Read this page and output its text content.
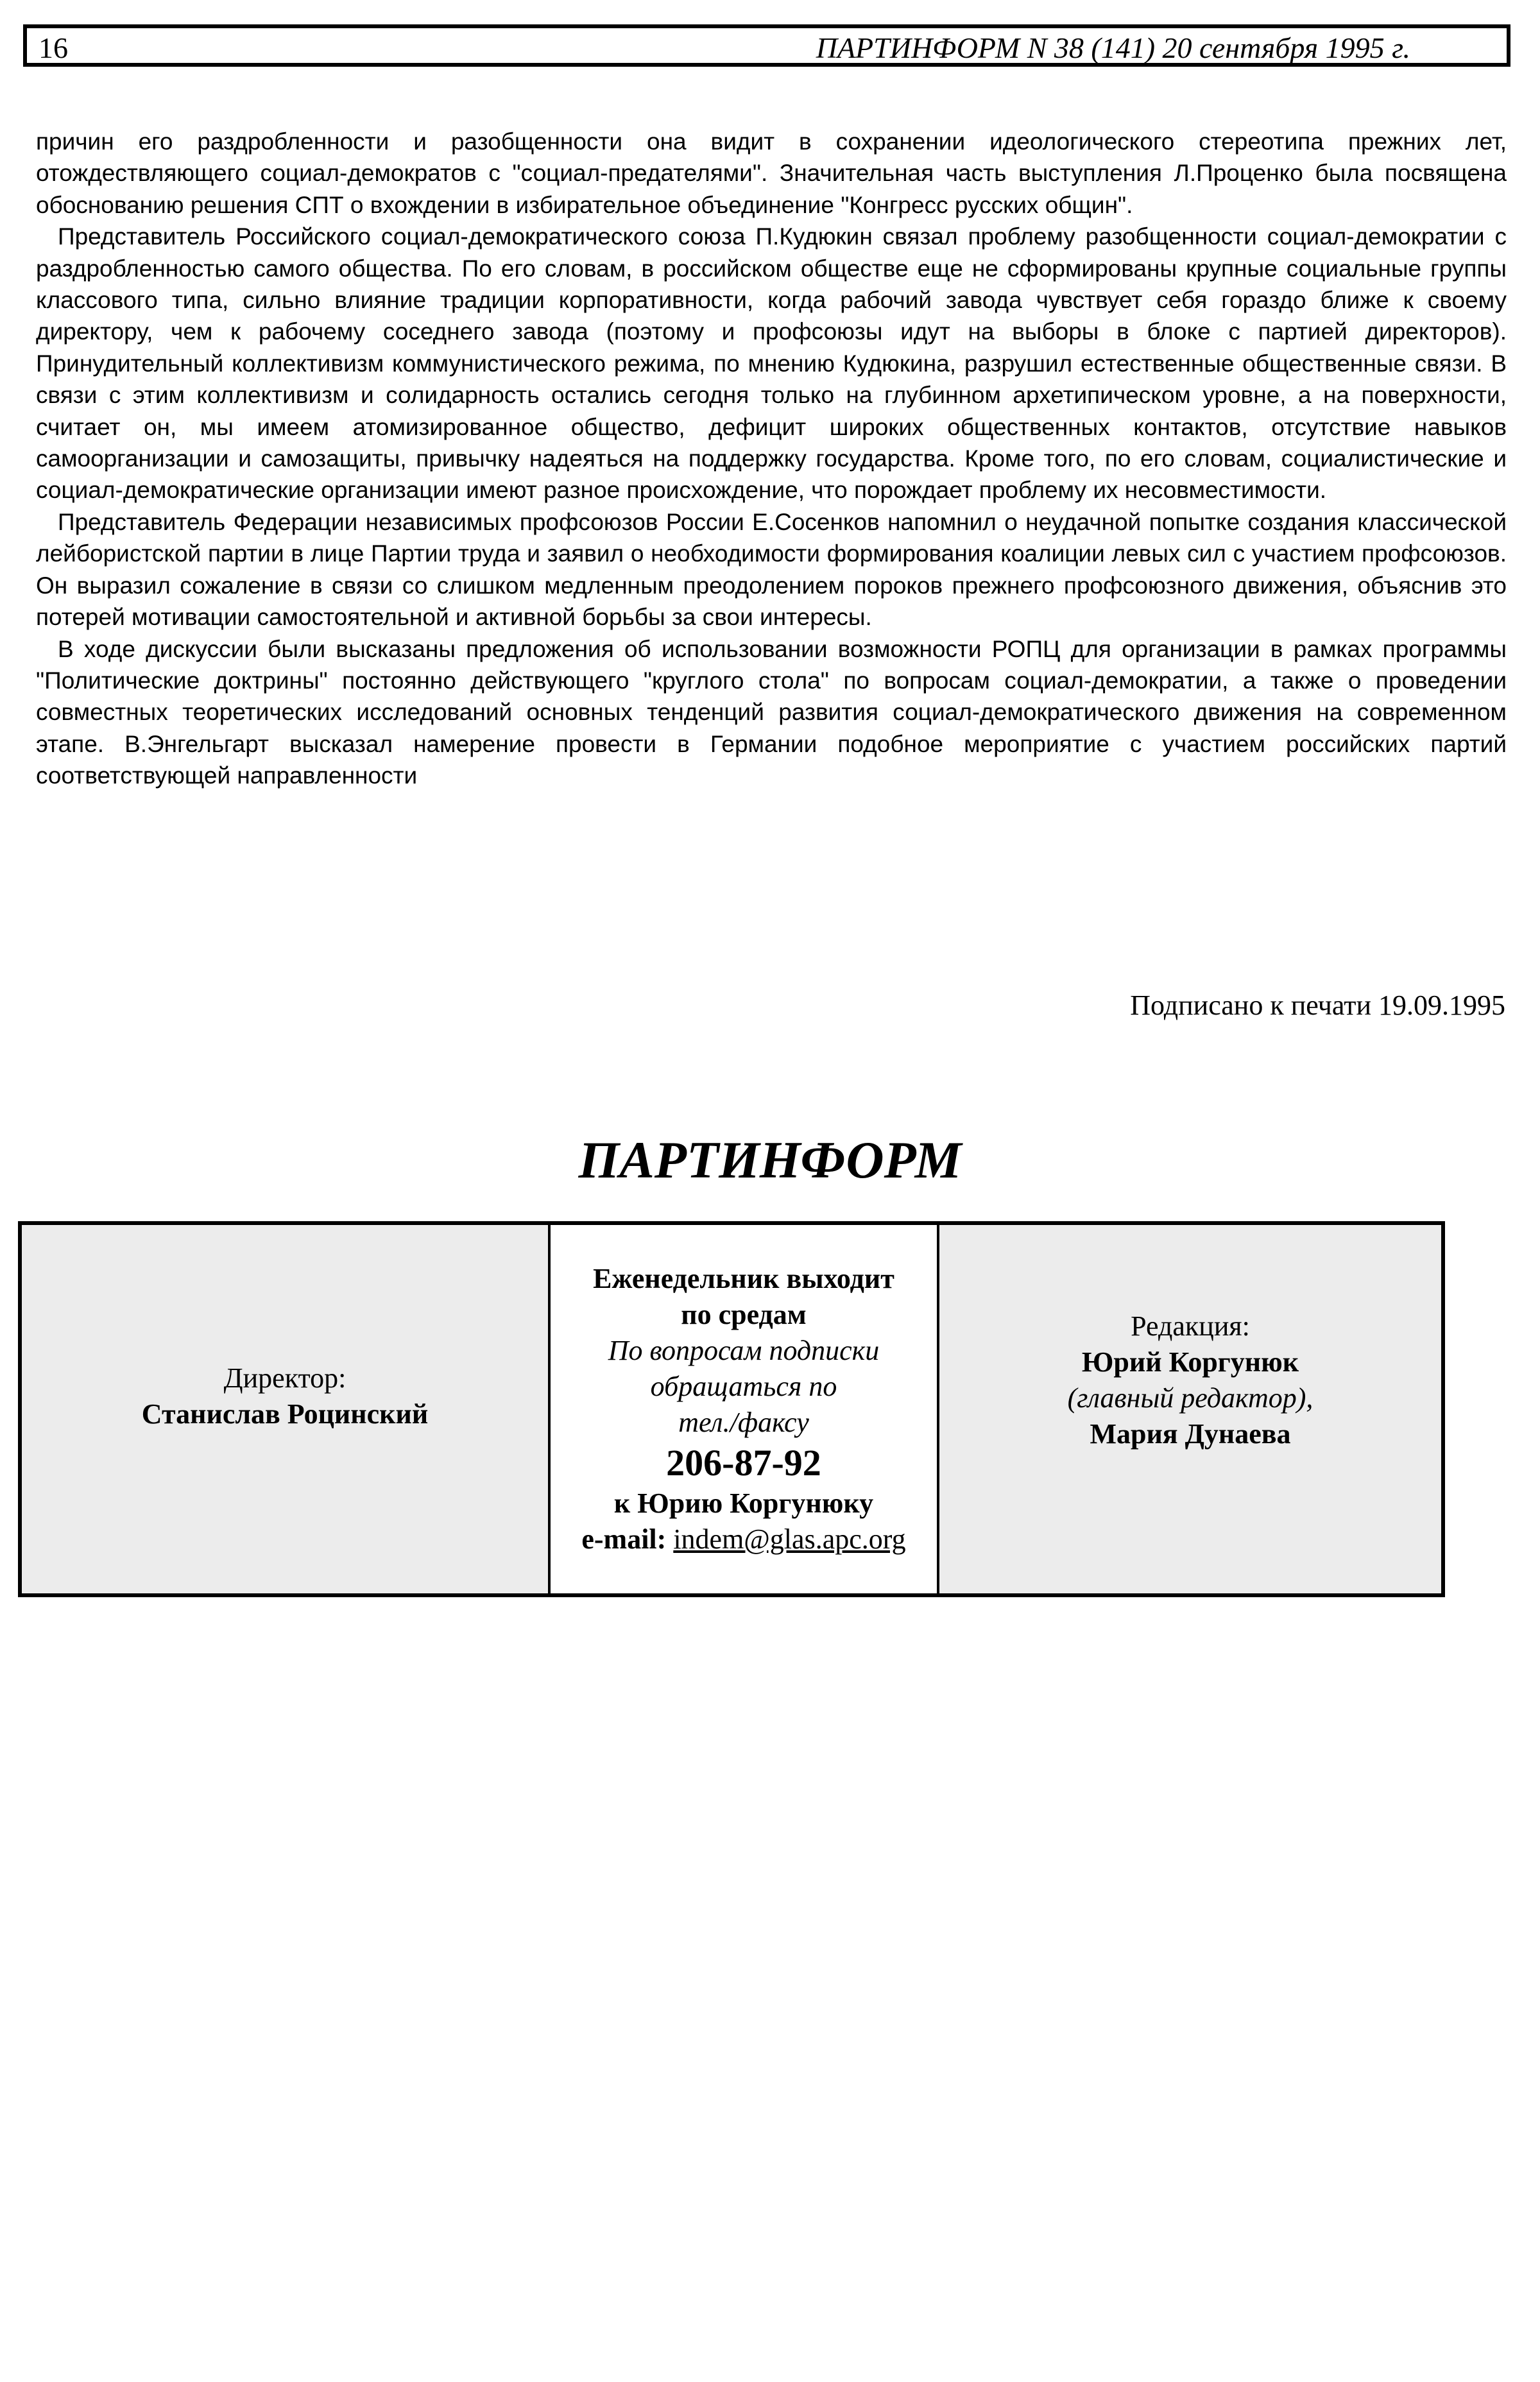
16	ПАРТИНФОРМ N 38 (141) 20 сентября 1995 г.

причин его раздробленности и разобщенности она видит в сохранении идеологического стереотипа прежних лет, отождествляющего социал-демократов с "социал-предателями". Значительная часть выступления Л.Проценко была посвящена обоснованию решения СПТ о вхождении в избирательное объединение "Конгресс русских общин".

Представитель Российского социал-демократического союза П.Кудюкин связал проблему разобщенности социал-демократии с раздробленностью самого общества. По его словам, в российском обществе еще не сформированы крупные социальные группы классового типа, сильно влияние традиции корпоративности, когда рабочий завода чувствует себя гораздо ближе к своему директору, чем к рабочему соседнего завода (поэтому и профсоюзы идут на выборы в блоке с партией директоров). Принудительный коллективизм коммунистического режима, по мнению Кудюкина, разрушил естественные общественные связи. В связи с этим коллективизм и солидарность остались сегодня только на глубинном архетипическом уровне, а на поверхности, считает он, мы имеем атомизированное общество, дефицит широких общественных контактов, отсутствие навыков самоорганизации и самозащиты, привычку надеяться на поддержку государства. Кроме того, по его словам, социалистические и социал-демократические организации имеют разное происхождение, что порождает проблему их несовместимости.

Представитель Федерации независимых профсоюзов России Е.Сосенков напомнил о неудачной попытке создания классической лейбористской партии в лице Партии труда и заявил о необходимости формирования коалиции левых сил с участием профсоюзов. Он выразил сожаление в связи со слишком медленным преодолением пороков прежнего профсоюзного движения, объяснив это потерей мотивации самостоятельной и активной борьбы за свои интересы.

В ходе дискуссии были высказаны предложения об использовании возможности РОПЦ для организации в рамках программы "Политические доктрины" постоянно действующего "круглого стола" по вопросам социал-демократии, а также о проведении совместных теоретических исследований основных тенденций развития социал-демократического движения на современном этапе. В.Энгельгарт высказал намерение провести в Германии подобное мероприятие с участием российских партий соответствующей направленности

Подписано к печати 19.09.1995
ПАРТИНФОРМ
Директор:
Станислав Роцинский
Еженедельник выходит
по средам
По вопросам подписки
обращаться по
тел./факсу
206-87-92
к Юрию Коргунюку
e-mail: indem@glas.apc.org
Редакция:
Юрий Коргунюк
(главный редактор),
Мария Дунаева
